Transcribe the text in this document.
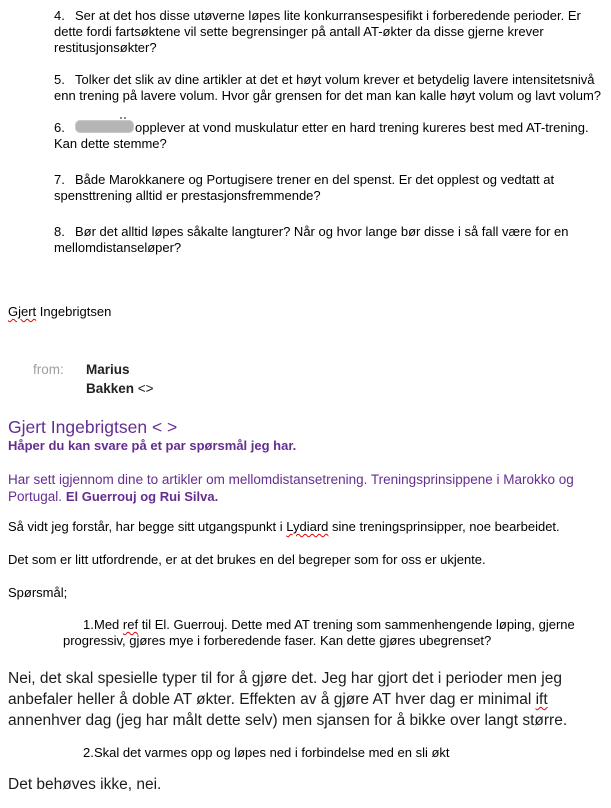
4. Ser at det hos disse utøverne løpes lite konkurransespesifikt i forberedende perioder. Er dette fordi fartsøktene vil sette begrensinger på antall AT-økter da disse gjerne krever restitusjonsøkter?

5. Tolker det slik av dine artikler at det et høyt volum krever et betydelig lavere intensitetsnivå enn trening på lavere volum. Hvor går grensen for det man kan kalle høyt volum og lavt volum?

6.	opplever at vond muskulatur etter en hard trening kureres best med AT-trening. Kan dette stemme?

7. Både Marokkanere og Portugisere trener en del spenst. Er det opplest og vedtatt at spensttrening alltid er prestasjonsfremmende?

8. Bør det alltid løpes såkalte langturer? Når og hvor lange bør disse i så fall være for en mellomdistanseløper?

Gjert Ingebrigtsen

from:	Marius
Bakken <>
Gjert Ingebrigtsen < >
Håper du kan svare på et par spørsmål jeg har.

Har sett igjennom dine to artikler om mellomdistansetrening. Treningsprinsippene i Marokko og Portugal. El Guerrouj og Rui Silva.

Så vidt jeg forstår, har begge sitt utgangspunkt i Lydiard sine treningsprinsipper, noe bearbeidet.

Det som er litt utfordrende, er at det brukes en del begreper som for oss er ukjente.

Spørsmål;

1.Med ref til El. Guerrouj. Dette med AT trening som sammenhengende løping, gjerne progressiv, gjøres mye i forberedende faser. Kan dette gjøres ubegrenset?

Nei, det skal spesielle typer til for å gjøre det. Jeg har gjort det i perioder men jeg anbefaler heller å doble AT økter. Effekten av å gjøre AT hver dag er minimal ift annenhver dag (jeg har målt dette selv) men sjansen for å bikke over langt større.

2.Skal det varmes opp og løpes ned i forbindelse med en sli økt

Det behøves ikke, nei.
